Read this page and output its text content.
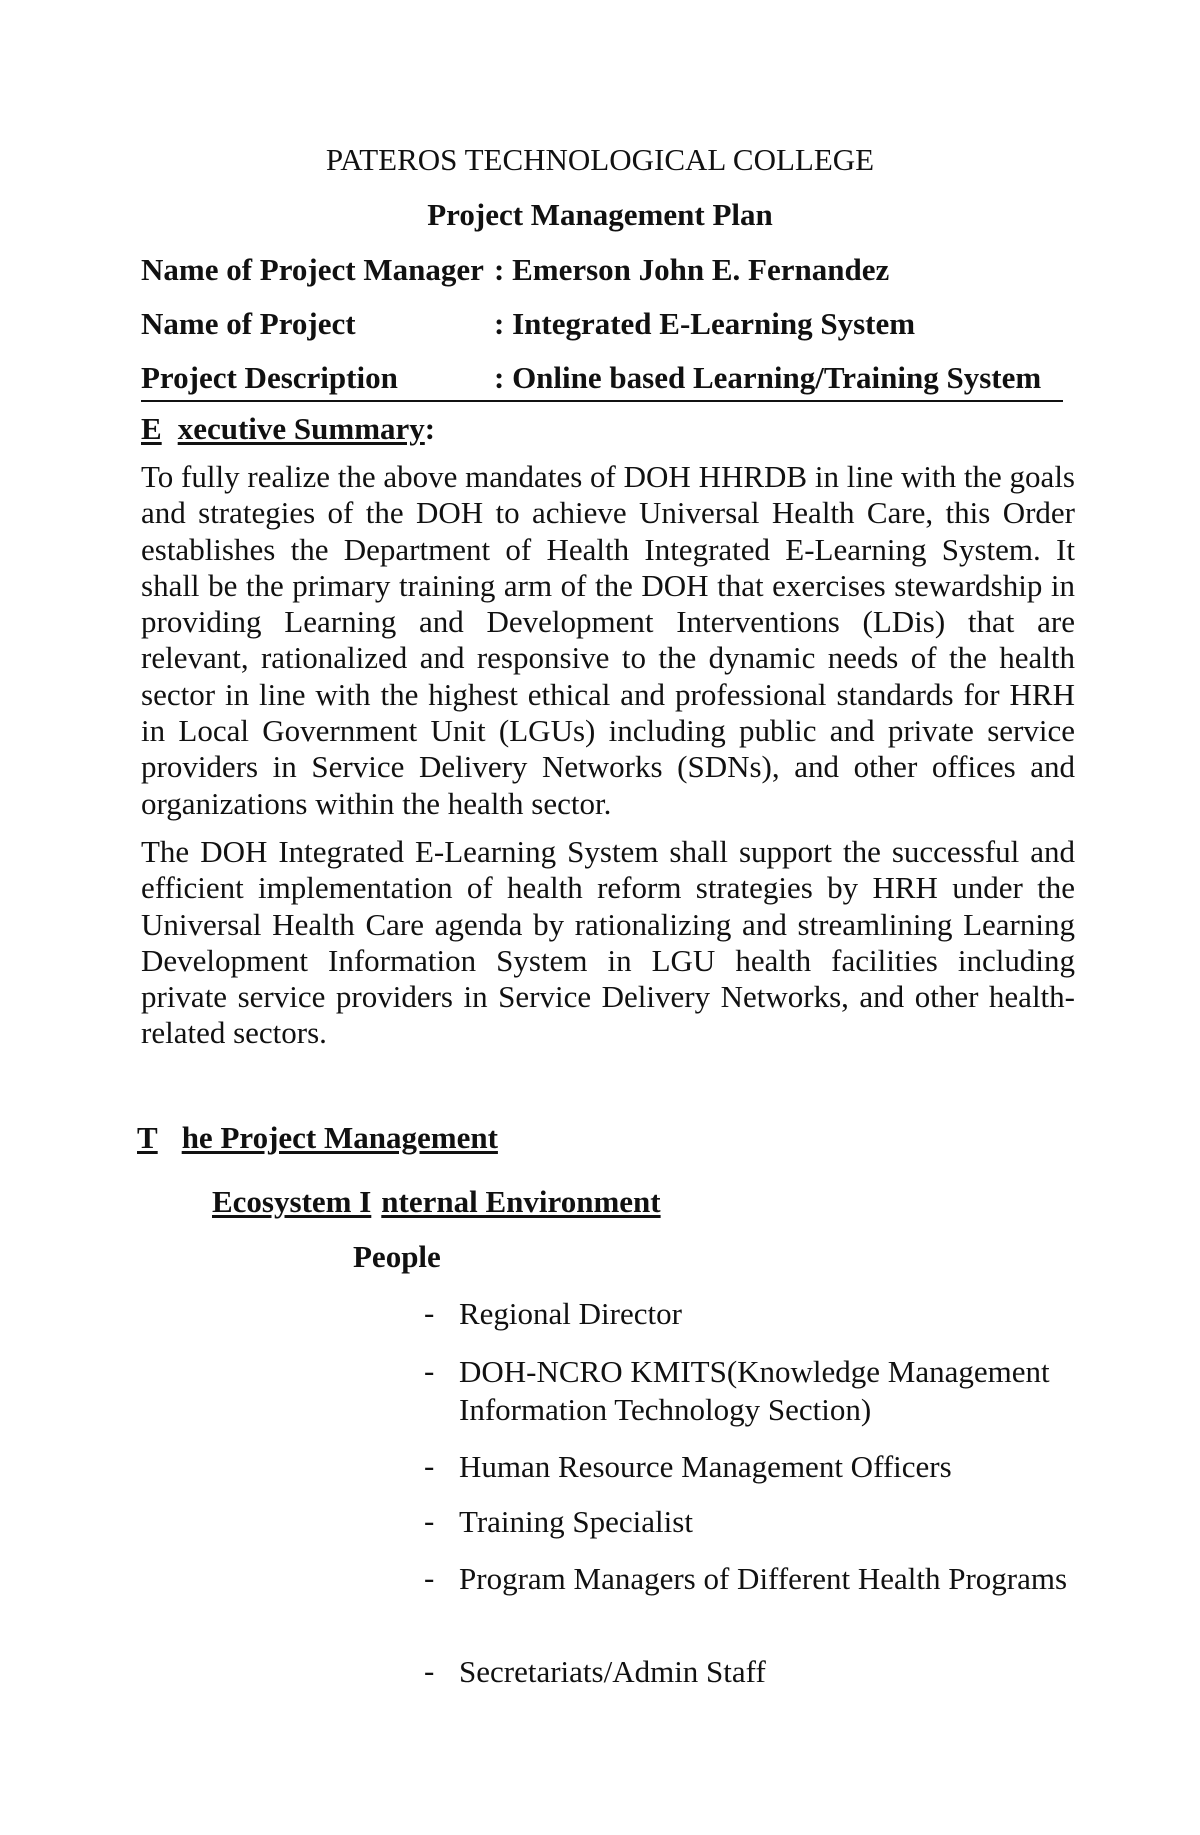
PATEROS TECHNOLOGICAL COLLEGE
Project Management Plan
Name of Project Manager : Emerson John E. Fernandez
Name of Project	: Integrated E-Learning System
Project Description	: Online based Learning/Training System
E xecutive Summary:
To fully realize the above mandates of DOH HHRDB in line with the goals and strategies of the DOH to achieve Universal Health Care, this Order establishes the Department of Health Integrated E-Learning System. It shall be the primary training arm of the DOH that exercises stewardship in providing Learning and Development Interventions (LDis) that are relevant, rationalized and responsive to the dynamic needs of the health sector in line with the highest ethical and professional standards for HRH in Local Government Unit (LGUs) including public and private service providers in Service Delivery Networks (SDNs), and other offices and organizations within the health sector.
The DOH Integrated E-Learning System shall support the successful and efficient implementation of health reform strategies by HRH under the Universal Health Care agenda by rationalizing and streamlining Learning Development Information System in LGU health facilities including private service providers in Service Delivery Networks, and other health-related sectors.
T he Project Management
Ecosystem I nternal Environment
People
- Regional Director
- DOH-NCRO KMITS(Knowledge Management Information Technology Section)
- Human Resource Management Officers
- Training Specialist
- Program Managers of Different Health Programs
- Secretariats/Admin Staff
